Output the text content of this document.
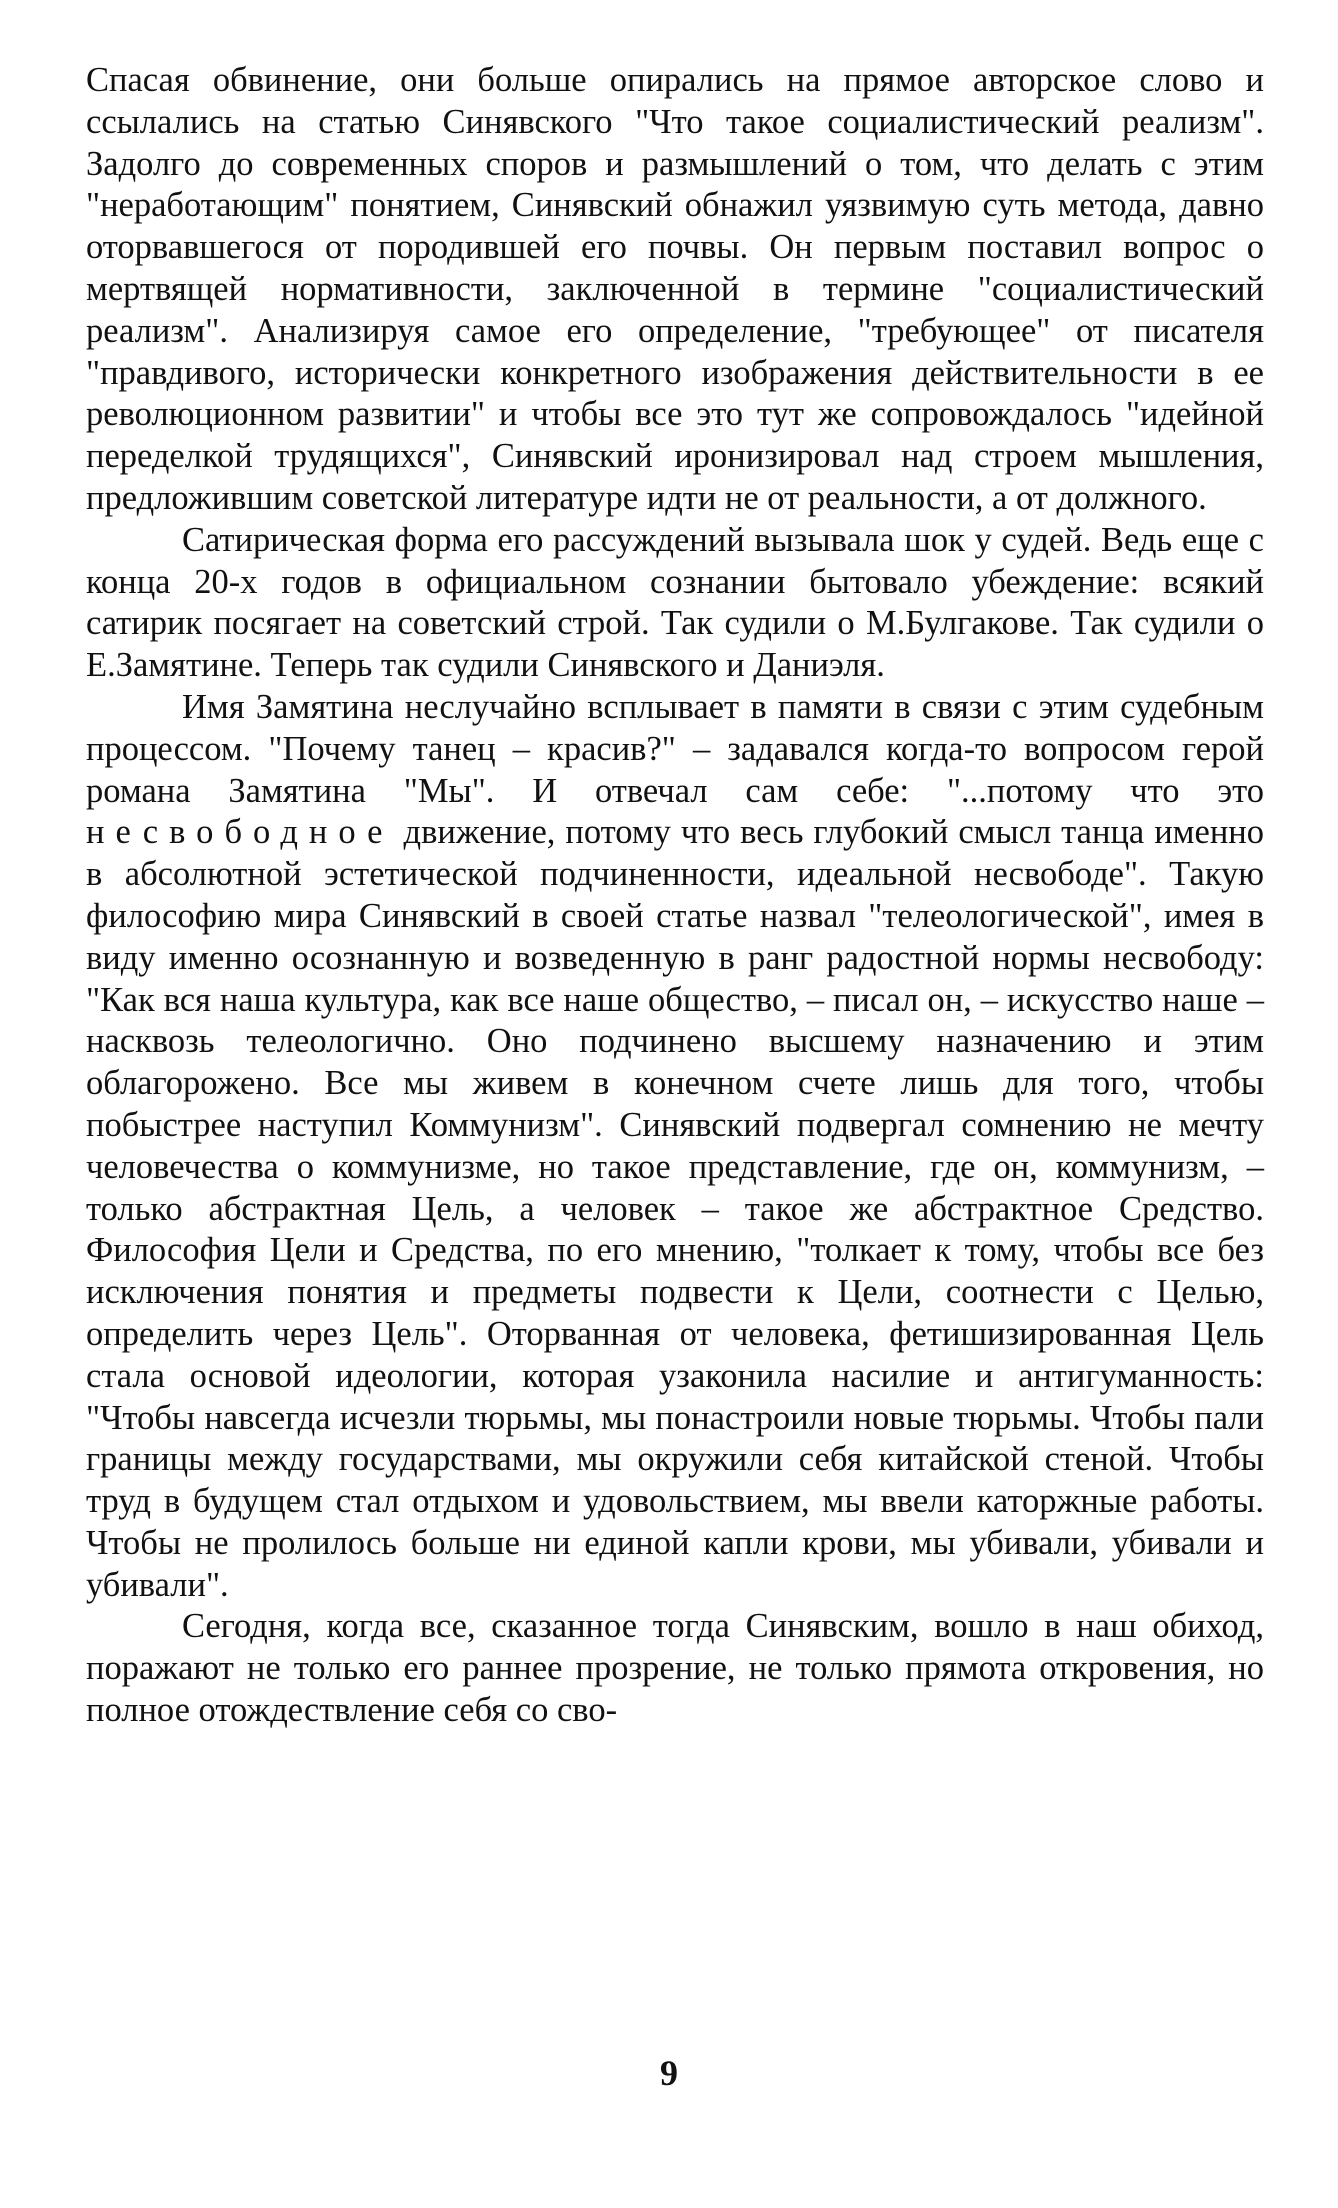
Спасая обвинение, они больше опирались на прямое авторское слово и ссылались на статью Синявского "Что такое социалистический реализм". Задолго до современных споров и размышлений о том, что делать с этим "неработающим" понятием, Синявский обнажил уязвимую суть метода, давно оторвавшегося от породившей его почвы. Он первым поставил вопрос о мертвящей нормативности, заключенной в термине "социалистический реализм". Анализируя самое его определение, "требующее" от писателя "правдивого, исторически конкретного изображения действительности в ее революционном развитии" и чтобы все это тут же сопровождалось "идейной переделкой трудящихся", Синявский иронизировал над строем мышления, предложившим советской литературе идти не от реальности, а от должного.

Сатирическая форма его рассуждений вызывала шок у судей. Ведь еще с конца 20-х годов в официальном сознании бытовало убеждение: всякий сатирик посягает на советский строй. Так судили о М.Булгакове. Так судили о Е.Замятине. Теперь так судили Синявского и Даниэля.

Имя Замятина неслучайно всплывает в памяти в связи с этим судебным процессом. "Почему танец – красив?" – задавался когда-то вопросом герой романа Замятина "Мы". И отвечал сам себе: "...потому что это несвободное движение, потому что весь глубокий смысл танца именно в абсолютной эстетической подчиненности, идеальной несвободе". Такую философию мира Синявский в своей статье назвал "телеологической", имея в виду именно осознанную и возведенную в ранг радостной нормы несвободу: "Как вся наша культура, как все наше общество, – писал он, – искусство наше – насквозь телеологично. Оно подчинено высшему назначению и этим облагорожено. Все мы живем в конечном счете лишь для того, чтобы побыстрее наступил Коммунизм". Синявский подвергал сомнению не мечту человечества о коммунизме, но такое представление, где он, коммунизм, – только абстрактная Цель, а человек – такое же абстрактное Средство. Философия Цели и Средства, по его мнению, "толкает к тому, чтобы все без исключения понятия и предметы подвести к Цели, соотнести с Целью, определить через Цель". Оторванная от человека, фетишизированная Цель стала основой идеологии, которая узаконила насилие и антигуманность: "Чтобы навсегда исчезли тюрьмы, мы понастроили новые тюрьмы. Чтобы пали границы между государствами, мы окружили себя китайской стеной. Чтобы труд в будущем стал отдыхом и удовольствием, мы ввели каторжные работы. Чтобы не пролилось больше ни единой капли крови, мы убивали, убивали и убивали".

Сегодня, когда все, сказанное тогда Синявским, вошло в наш обиход, поражают не только его раннее прозрение, не только прямота откровения, но полное отождествление себя со сво-

9
